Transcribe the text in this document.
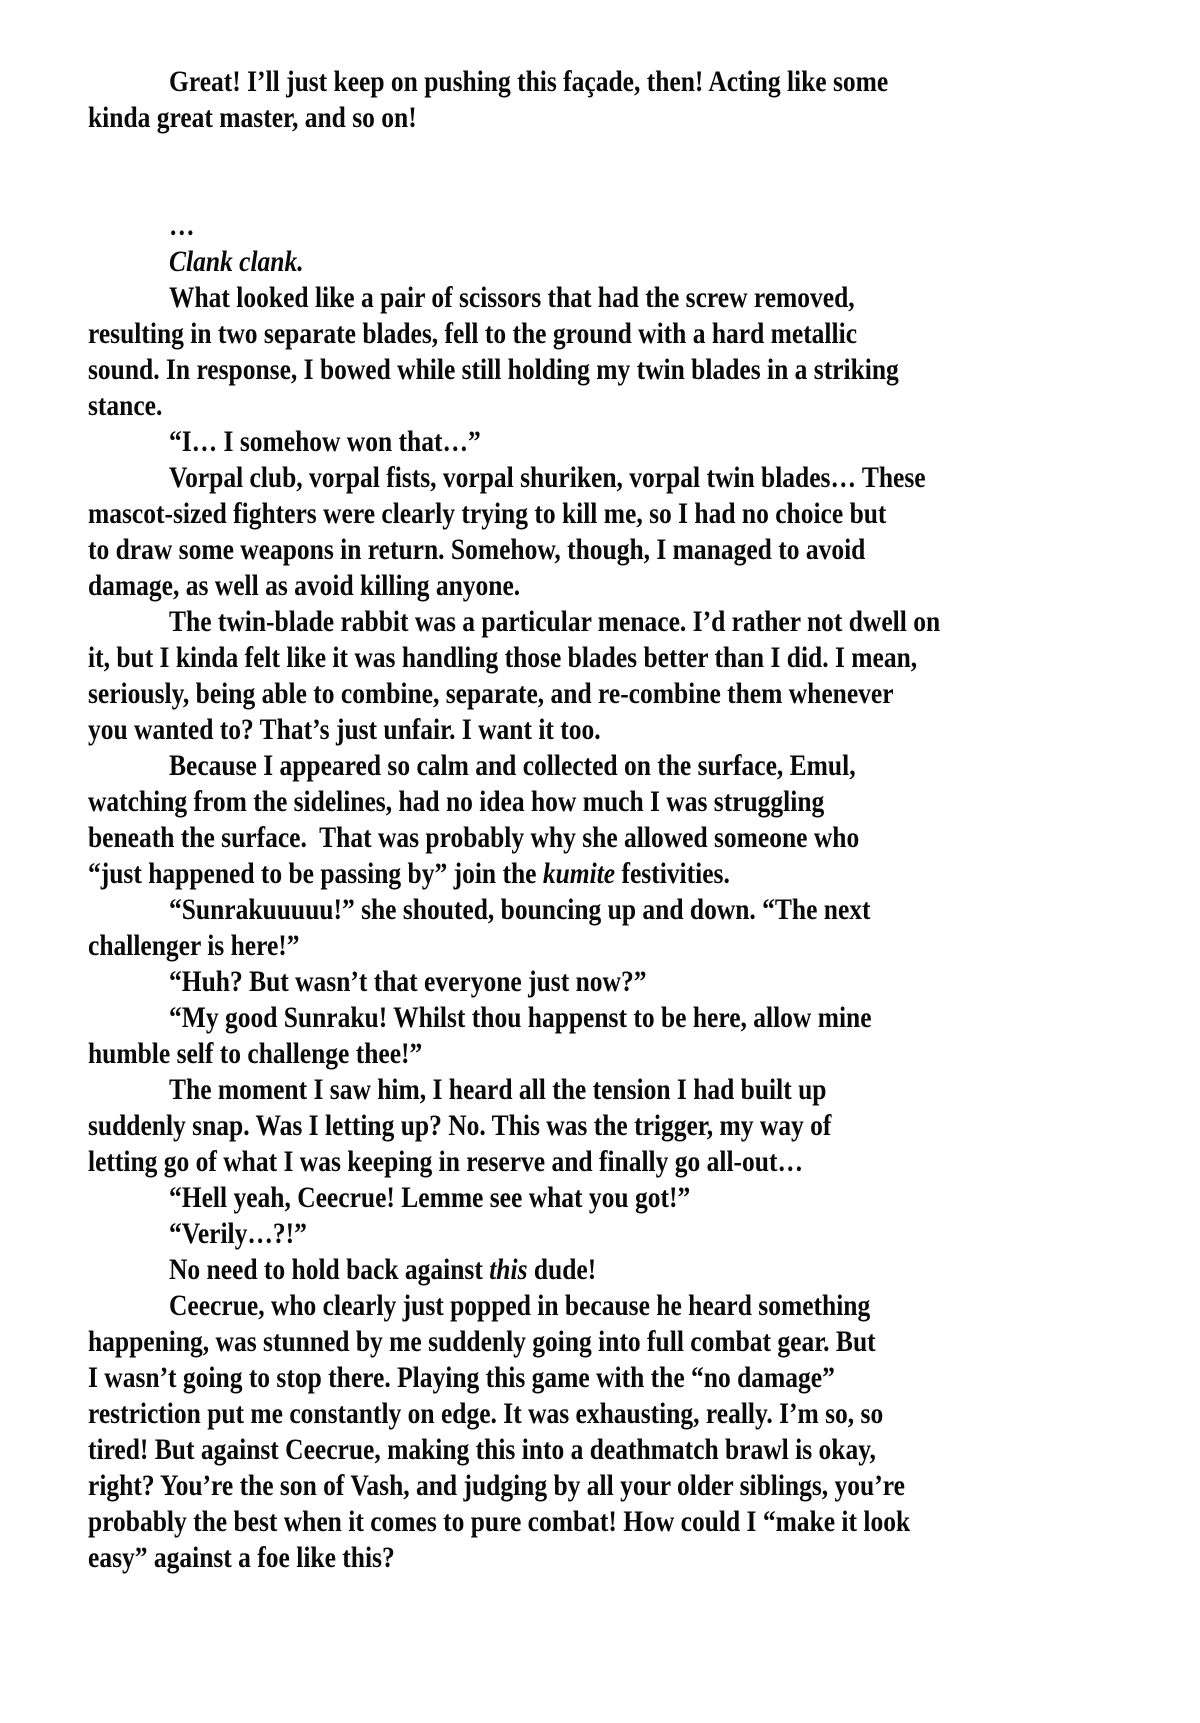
Great! I’ll just keep on pushing this façade, then! Acting like some
kinda great master, and so on!
…
Clank clank.
What looked like a pair of scissors that had the screw removed,
resulting in two separate blades, fell to the ground with a hard metallic
sound. In response, I bowed while still holding my twin blades in a striking
stance.
“I… I somehow won that…”
Vorpal club, vorpal fists, vorpal shuriken, vorpal twin blades… These
mascot-sized fighters were clearly trying to kill me, so I had no choice but
to draw some weapons in return. Somehow, though, I managed to avoid
damage, as well as avoid killing anyone.
The twin-blade rabbit was a particular menace. I’d rather not dwell on
it, but I kinda felt like it was handling those blades better than I did. I mean,
seriously, being able to combine, separate, and re-combine them whenever
you wanted to? That’s just unfair. I want it too.
Because I appeared so calm and collected on the surface, Emul,
watching from the sidelines, had no idea how much I was struggling
beneath the surface.  That was probably why she allowed someone who
“just happened to be passing by” join the kumite festivities.
“Sunrakuuuuu!” she shouted, bouncing up and down. “The next
challenger is here!”
“Huh? But wasn’t that everyone just now?”
“My good Sunraku! Whilst thou happenst to be here, allow mine
humble self to challenge thee!”
The moment I saw him, I heard all the tension I had built up
suddenly snap. Was I letting up? No. This was the trigger, my way of
letting go of what I was keeping in reserve and finally go all-out…
“Hell yeah, Ceecrue! Lemme see what you got!”
“Verily…?!”
No need to hold back against this dude!
Ceecrue, who clearly just popped in because he heard something
happening, was stunned by me suddenly going into full combat gear. But
I wasn’t going to stop there. Playing this game with the “no damage”
restriction put me constantly on edge. It was exhausting, really. I’m so, so
tired! But against Ceecrue, making this into a deathmatch brawl is okay,
right? You’re the son of Vash, and judging by all your older siblings, you’re
probably the best when it comes to pure combat! How could I “make it look
easy” against a foe like this?
